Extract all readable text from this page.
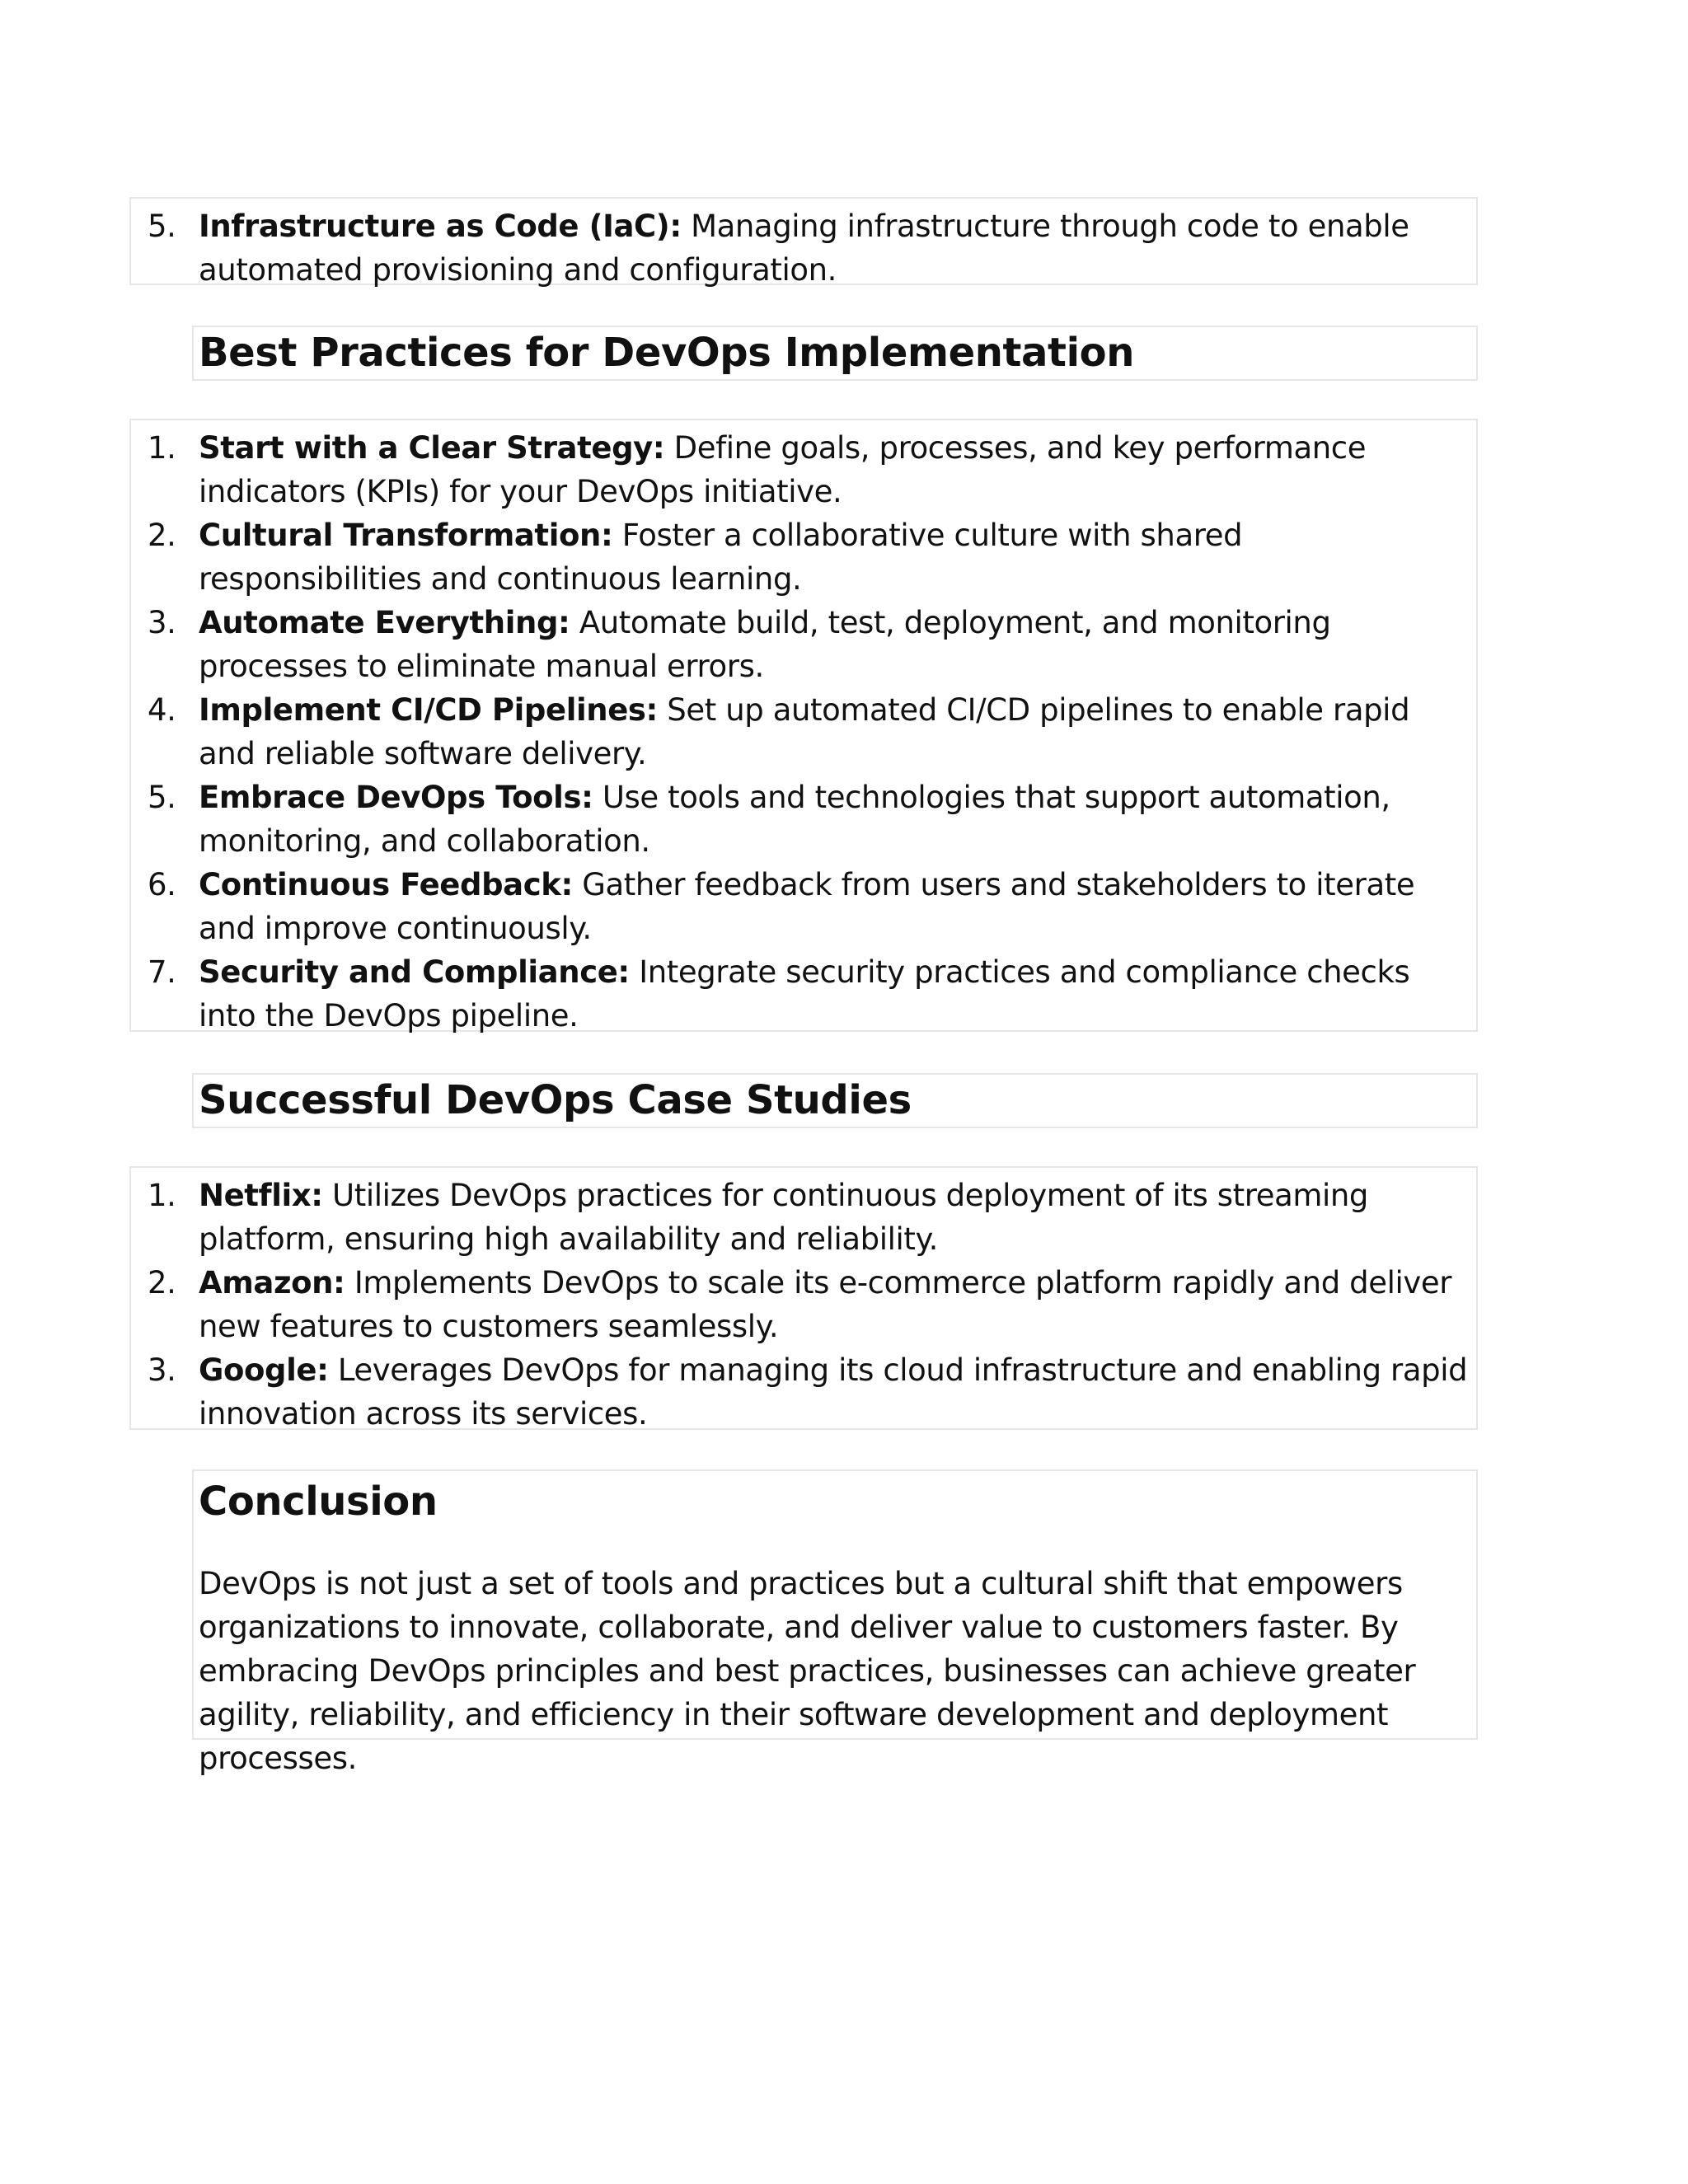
5. Infrastructure as Code (IaC): Managing infrastructure through code to enable automated provisioning and configuration.
Best Practices for DevOps Implementation
1. Start with a Clear Strategy: Define goals, processes, and key performance indicators (KPIs) for your DevOps initiative.
2. Cultural Transformation: Foster a collaborative culture with shared responsibilities and continuous learning.
3. Automate Everything: Automate build, test, deployment, and monitoring processes to eliminate manual errors.
4. Implement CI/CD Pipelines: Set up automated CI/CD pipelines to enable rapid and reliable software delivery.
5. Embrace DevOps Tools: Use tools and technologies that support automation, monitoring, and collaboration.
6. Continuous Feedback: Gather feedback from users and stakeholders to iterate and improve continuously.
7. Security and Compliance: Integrate security practices and compliance checks into the DevOps pipeline.
Successful DevOps Case Studies
1. Netflix: Utilizes DevOps practices for continuous deployment of its streaming platform, ensuring high availability and reliability.
2. Amazon: Implements DevOps to scale its e-commerce platform rapidly and deliver new features to customers seamlessly.
3. Google: Leverages DevOps for managing its cloud infrastructure and enabling rapid innovation across its services.
Conclusion

DevOps is not just a set of tools and practices but a cultural shift that empowers organizations to innovate, collaborate, and deliver value to customers faster. By embracing DevOps principles and best practices, businesses can achieve greater agility, reliability, and efficiency in their software development and deployment processes.
